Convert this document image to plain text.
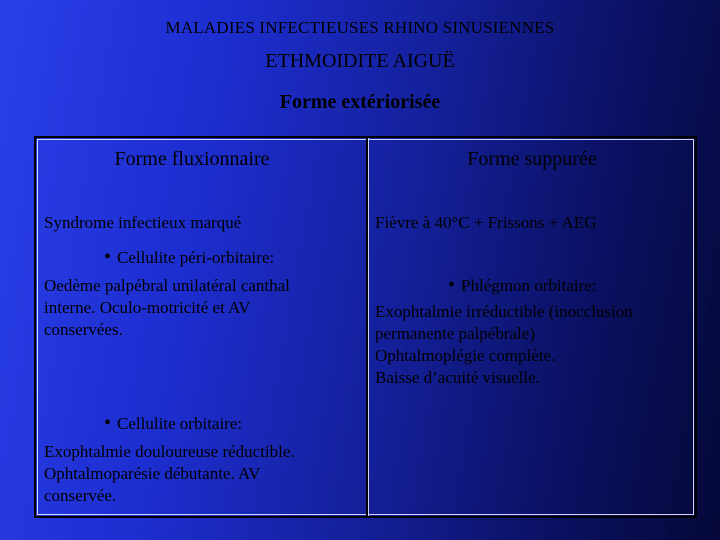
MALADIES INFECTIEUSES RHINO SINUSIENNES
ETHMOIDITE AIGUË
Forme extériorisée
Forme fluxionnaire
Syndrome infectieux marqué
• Cellulite péri-orbitaire:
Oedème palpébral unilatéral canthal
interne. Oculo-motricité et AV
conservées.
• Cellulite orbitaire:
Exophtalmie douloureuse réductible.
Ophtalmoparésie débutante. AV
conservée.
Forme suppurée
Fièvre à 40°C + Frissons + AEG
• Phlégmon orbitaire:
Exophtalmie irréductible (inocclusion
permanente palpébrale)
Ophtalmoplégie complète.
Baisse d’acuité visuelle.
